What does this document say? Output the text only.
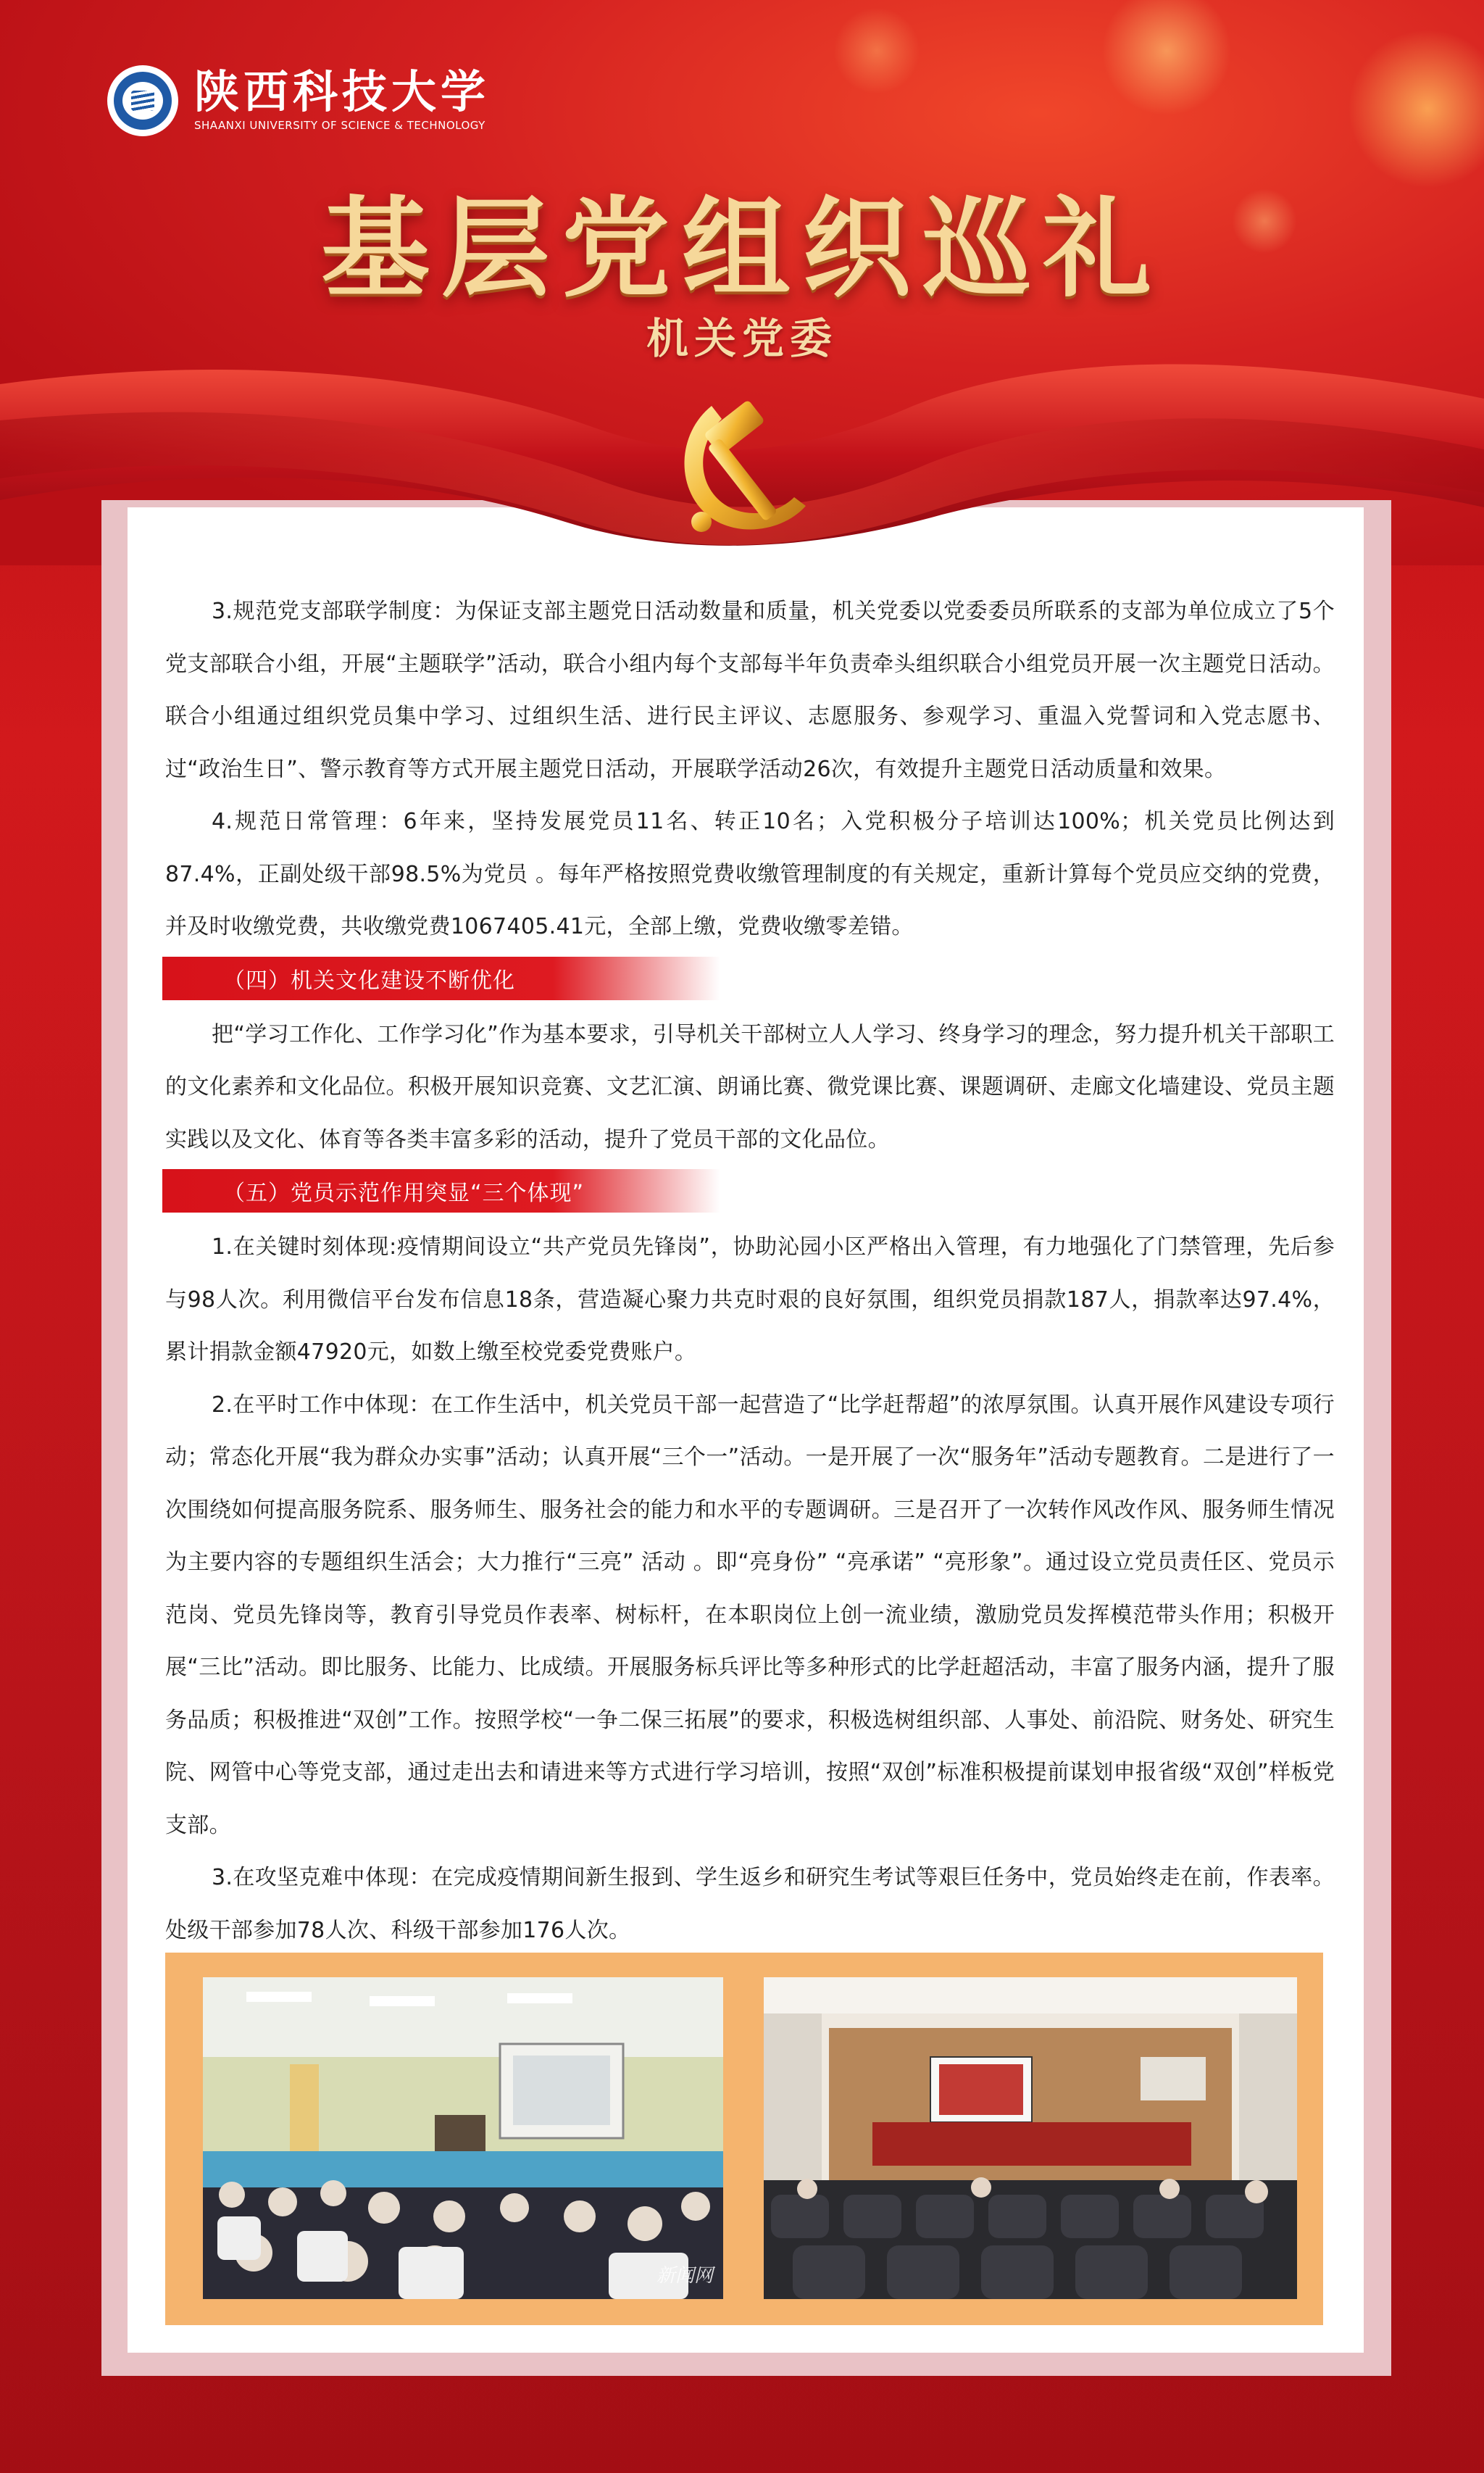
陕西科技大学
SHAANXI UNIVERSITY OF SCIENCE & TECHNOLOGY
基层党组织巡礼
机关党委

3.规范党支部联学制度：为保证支部主题党日活动数量和质量，机关党委以党委委员所联系的支部为单位成立了5个党支部联合小组，开展“主题联学”活动，联合小组内每个支部每半年负责牵头组织联合小组党员开展一次主题党日活动。联合小组通过组织党员集中学习、过组织生活、进行民主评议、志愿服务、参观学习、重温入党誓词和入党志愿书、过“政治生日”、警示教育等方式开展主题党日活动，开展联学活动26次，有效提升主题党日活动质量和效果。

4.规范日常管理：6年来，坚持发展党员11名、转正10名；入党积极分子培训达100%；机关党员比例达到87.4%，正副处级干部98.5%为党员 。每年严格按照党费收缴管理制度的有关规定，重新计算每个党员应交纳的党费，并及时收缴党费，共收缴党费1067405.41元，全部上缴，党费收缴零差错。

（四）机关文化建设不断优化

把“学习工作化、工作学习化”作为基本要求，引导机关干部树立人人学习、终身学习的理念，努力提升机关干部职工的文化素养和文化品位。积极开展知识竞赛、文艺汇演、朗诵比赛、微党课比赛、课题调研、走廊文化墙建设、党员主题实践以及文化、体育等各类丰富多彩的活动，提升了党员干部的文化品位。

（五）党员示范作用突显“三个体现”

1.在关键时刻体现:疫情期间设立“共产党员先锋岗”，协助沁园小区严格出入管理，有力地强化了门禁管理，先后参与98人次。利用微信平台发布信息18条，营造凝心聚力共克时艰的良好氛围，组织党员捐款187人，捐款率达97.4%，累计捐款金额47920元，如数上缴至校党委党费账户。

2.在平时工作中体现：在工作生活中，机关党员干部一起营造了“比学赶帮超”的浓厚氛围。认真开展作风建设专项行动；常态化开展“我为群众办实事”活动；认真开展“三个一”活动。一是开展了一次“服务年”活动专题教育。二是进行了一次围绕如何提高服务院系、服务师生、服务社会的能力和水平的专题调研。三是召开了一次转作风改作风、服务师生情况为主要内容的专题组织生活会；大力推行“三亮” 活动 。即“亮身份” “亮承诺” “亮形象”。通过设立党员责任区、党员示范岗、党员先锋岗等，教育引导党员作表率、树标杆，在本职岗位上创一流业绩，激励党员发挥模范带头作用；积极开展“三比”活动。即比服务、比能力、比成绩。开展服务标兵评比等多种形式的比学赶超活动，丰富了服务内涵，提升了服务品质；积极推进“双创”工作。按照学校“一争二保三拓展”的要求，积极选树组织部、人事处、前沿院、财务处、研究生院、网管中心等党支部，通过走出去和请进来等方式进行学习培训，按照“双创”标准积极提前谋划申报省级“双创”样板党支部。

3.在攻坚克难中体现：在完成疫情期间新生报到、学生返乡和研究生考试等艰巨任务中，党员始终走在前，作表率。处级干部参加78人次、科级干部参加176人次。

新闻网
